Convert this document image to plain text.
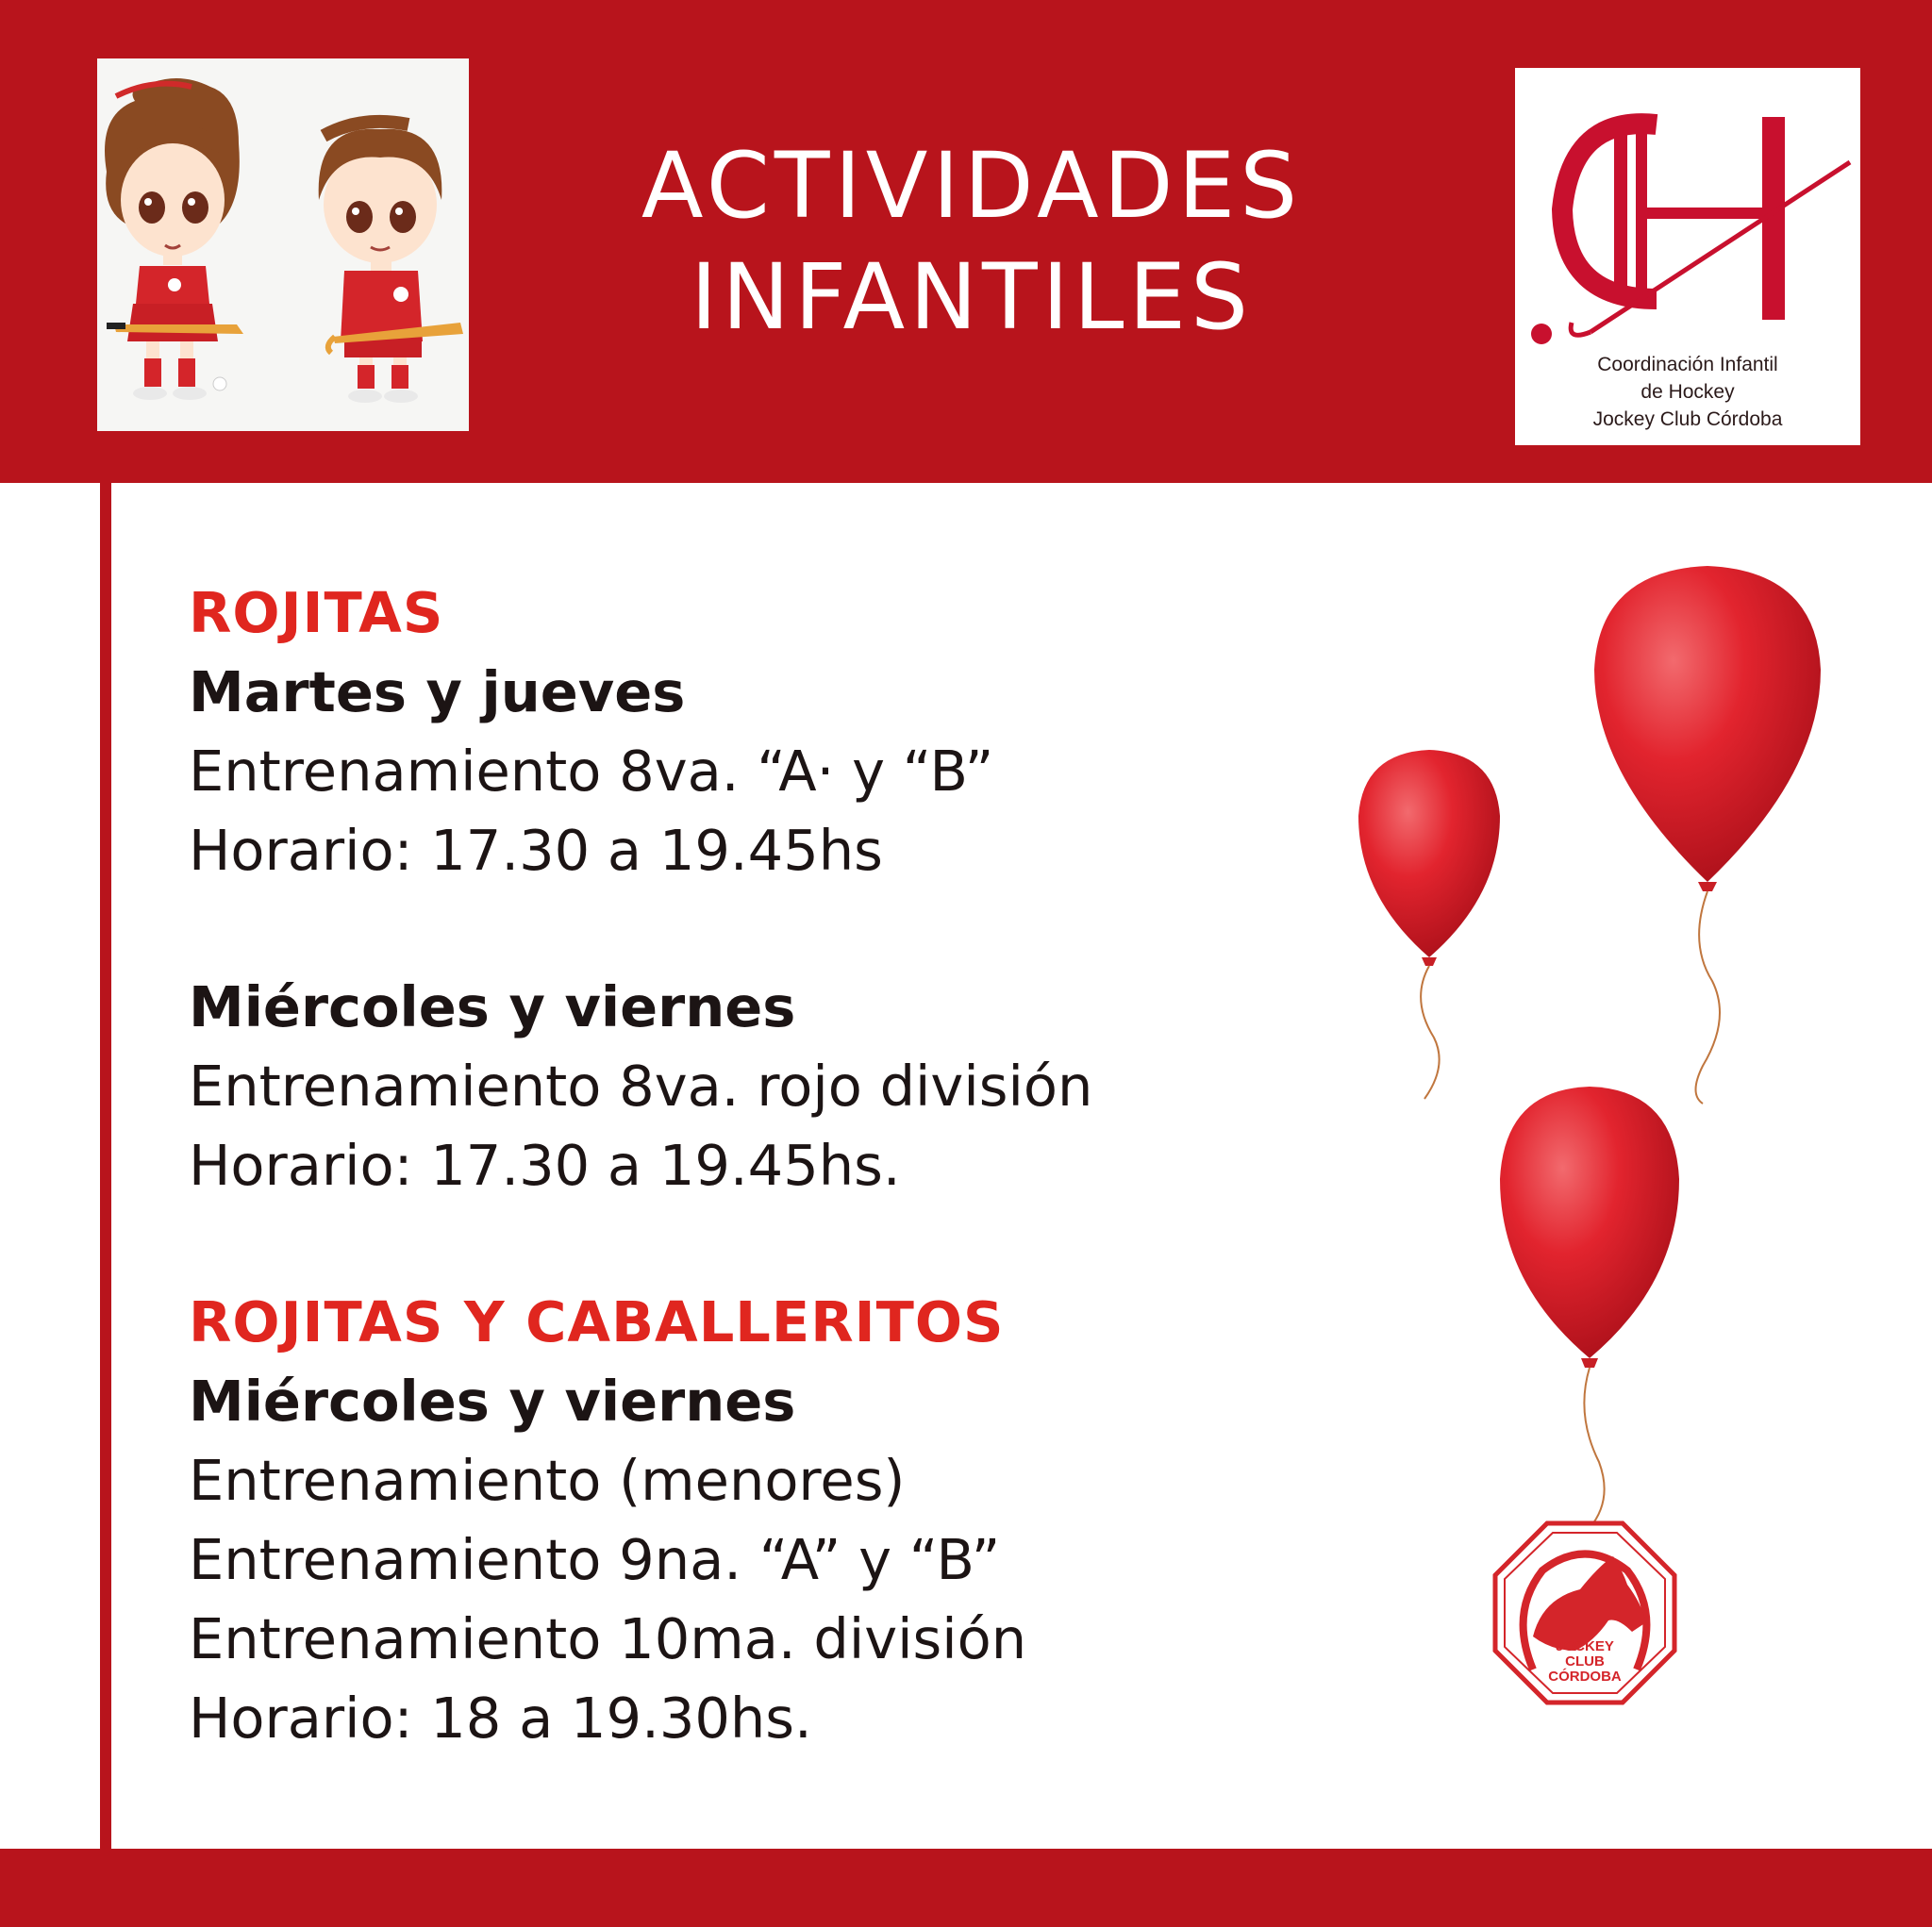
ACTIVIDADES
INFANTILES
Coordinación Infantil
de Hockey
Jockey Club Córdoba
ROJITAS
Martes y jueves
Entrenamiento 8va. “A· y “B”
Horario: 17.30 a 19.45hs
Miércoles y viernes
Entrenamiento 8va. rojo división
Horario: 17.30 a 19.45hs.
ROJITAS Y CABALLERITOS
Miércoles y viernes
Entrenamiento (menores)
Entrenamiento 9na. “A” y “B”
Entrenamiento 10ma. división
Horario: 18 a 19.30hs.
JOCKEY
CLUB
CÓRDOBA
